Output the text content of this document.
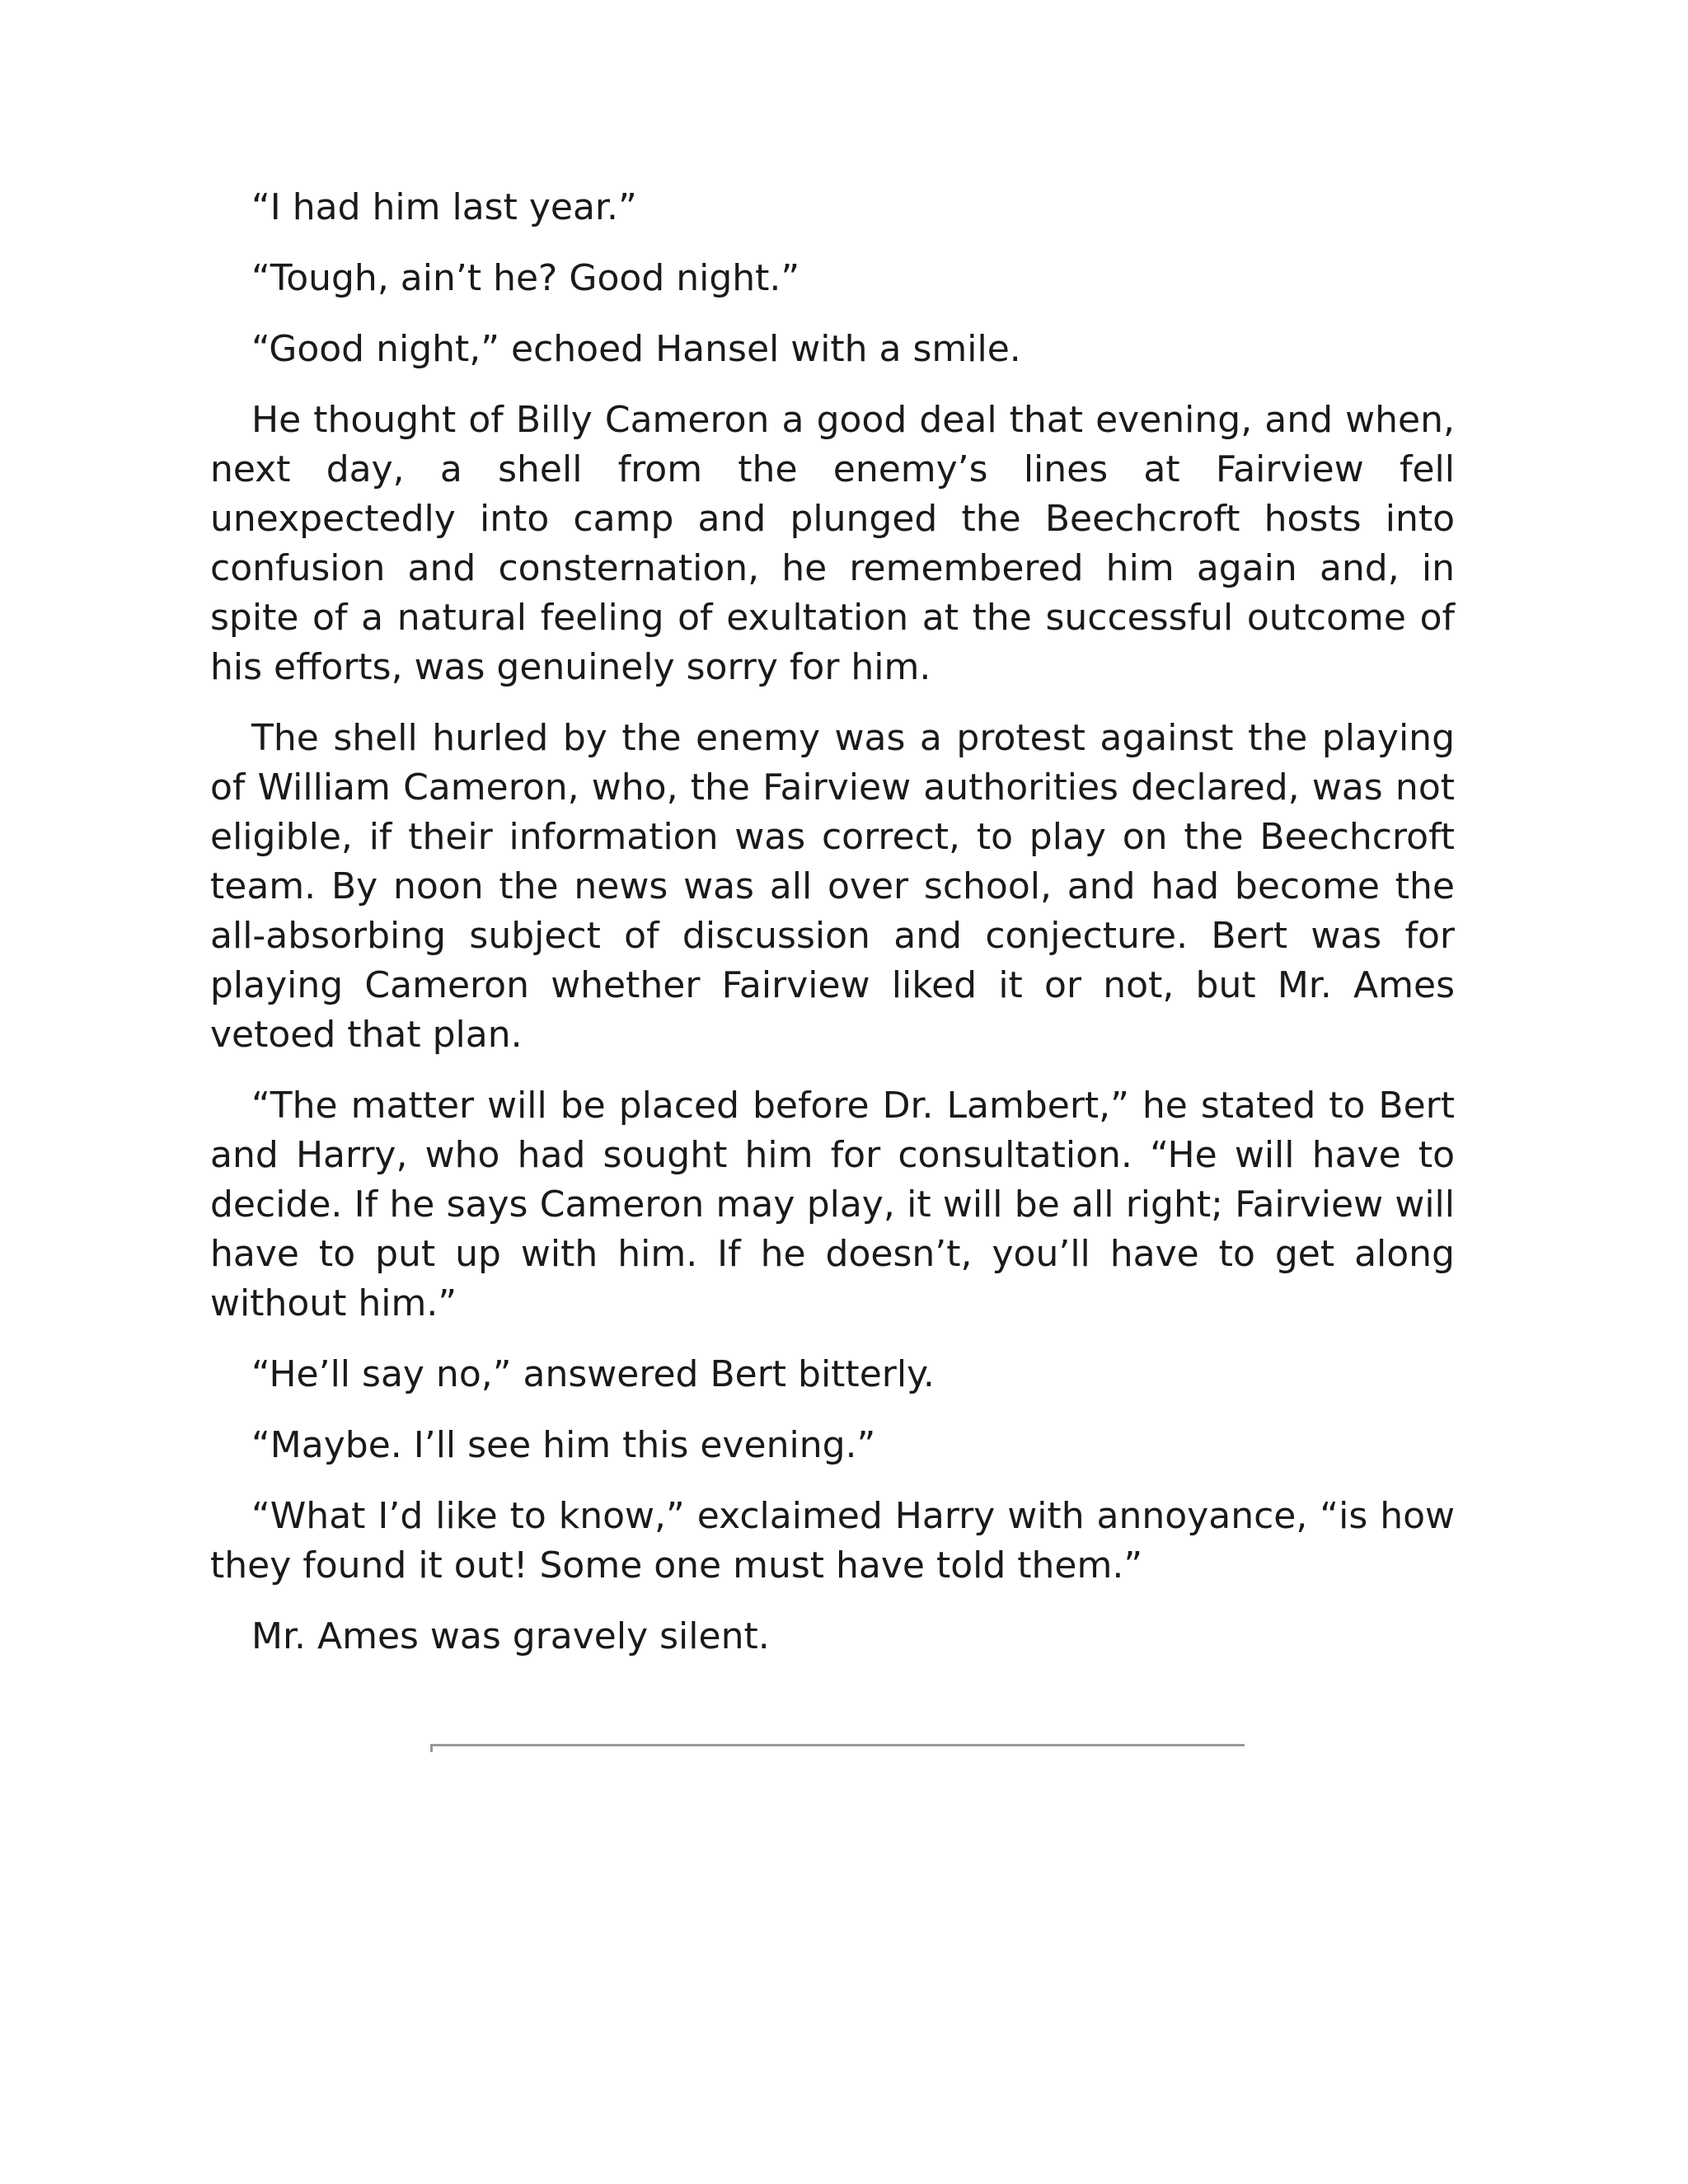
“I had him last year.”

“Tough, ain’t he? Good night.”

“Good night,” echoed Hansel with a smile.

He thought of Billy Cameron a good deal that evening, and when, next day, a shell from the enemy’s lines at Fairview fell unexpectedly into camp and plunged the Beechcroft hosts into confusion and consternation, he remembered him again and, in spite of a natural feeling of exultation at the successful outcome of his efforts, was genuinely sorry for him.

The shell hurled by the enemy was a protest against the playing of William Cameron, who, the Fairview authorities declared, was not eligible, if their information was correct, to play on the Beechcroft team. By noon the news was all over school, and had become the all-absorbing subject of discussion and conjecture. Bert was for playing Cameron whether Fairview liked it or not, but Mr. Ames vetoed that plan.

“The matter will be placed before Dr. Lambert,” he stated to Bert and Harry, who had sought him for consultation. “He will have to decide. If he says Cameron may play, it will be all right; Fairview will have to put up with him. If he doesn’t, you’ll have to get along without him.”

“He’ll say no,” answered Bert bitterly.

“Maybe. I’ll see him this evening.”

“What I’d like to know,” exclaimed Harry with annoyance, “is how they found it out! Some one must have told them.”

Mr. Ames was gravely silent.
